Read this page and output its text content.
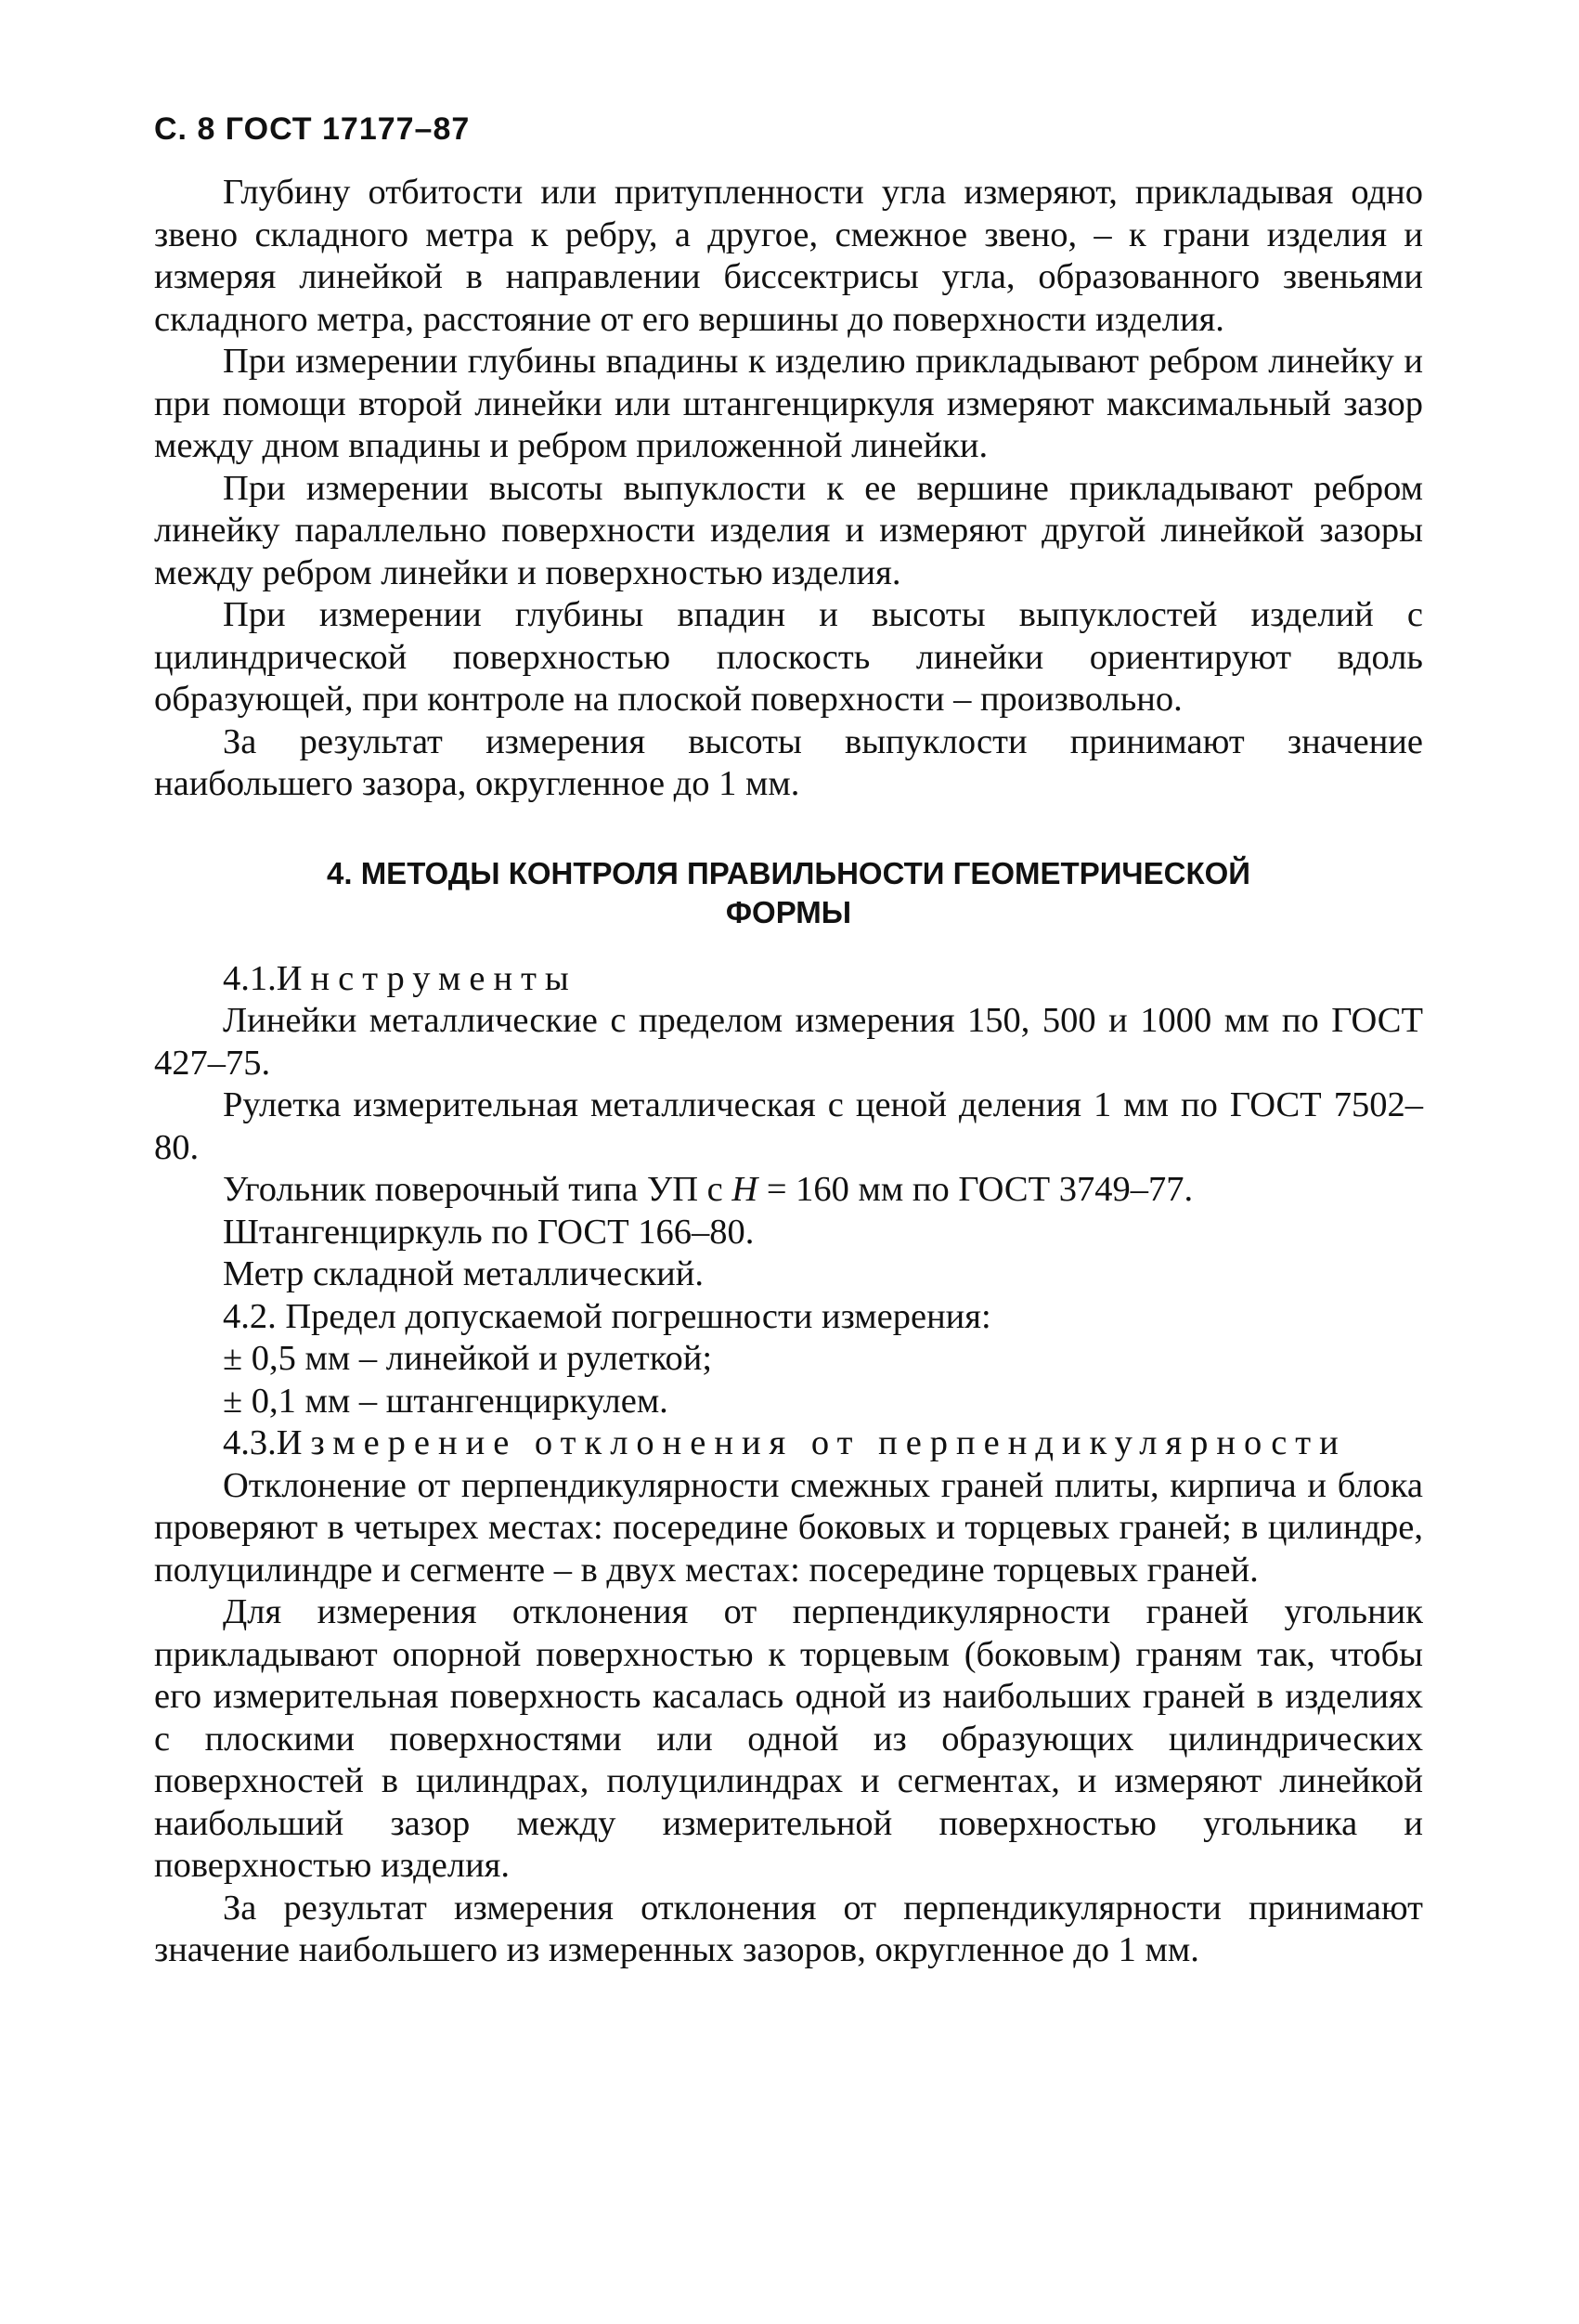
С. 8 ГОСТ 17177–87

Глубину отбитости или притупленности угла измеряют, прикладывая одно звено складного метра к ребру, а другое, смежное звено, – к грани изделия и измеряя линейкой в направлении биссектрисы угла, образованного звеньями складного метра, расстояние от его вершины до поверхности изделия.

При измерении глубины впадины к изделию прикладывают ребром линейку и при помощи второй линейки или штангенциркуля измеряют максимальный зазор между дном впадины и ребром приложенной линейки.

При измерении высоты выпуклости к ее вершине прикладывают ребром линейку параллельно поверхности изделия и измеряют другой линейкой зазоры между ребром линейки и поверхностью изделия.

При измерении глубины впадин и высоты выпуклостей изделий с цилиндрической поверхностью плоскость линейки ориентируют вдоль образующей, при контроле на плоской поверхности – произвольно.

За результат измерения высоты выпуклости принимают значение наибольшего зазора, округленное до 1 мм.

4. МЕТОДЫ КОНТРОЛЯ ПРАВИЛЬНОСТИ ГЕОМЕТРИЧЕСКОЙ
ФОРМЫ

4.1.Инструменты

Линейки металлические с пределом измерения 150, 500 и 1000 мм по ГОСТ 427–75.

Рулетка измерительная металлическая с ценой деления 1 мм по ГОСТ 7502–80.

Угольник поверочный типа УП с H = 160 мм по ГОСТ 3749–77.

Штангенциркуль по ГОСТ 166–80.

Метр складной металлический.

4.2. Предел допускаемой погрешности измерения:

± 0,5 мм – линейкой и рулеткой;

± 0,1 мм – штангенциркулем.

4.3.Измерение отклонения от перпендикулярности

Отклонение от перпендикулярности смежных граней плиты, кирпича и блока проверяют в четырех местах: посередине боковых и торцевых граней; в цилиндре, полуцилиндре и сегменте – в двух местах: посередине торцевых граней.

Для измерения отклонения от перпендикулярности граней угольник прикладывают опорной поверхностью к торцевым (боковым) граням так, чтобы его измерительная поверхность касалась одной из наибольших граней в изделиях с плоскими поверхностями или одной из образующих цилиндрических поверхностей в цилиндрах, полуцилиндрах и сегментах, и измеряют линейкой наибольший зазор между измерительной поверхностью угольника и поверхностью изделия.

За результат измерения отклонения от перпендикулярности принимают значение наибольшего из измеренных зазоров, округленное до 1 мм.
